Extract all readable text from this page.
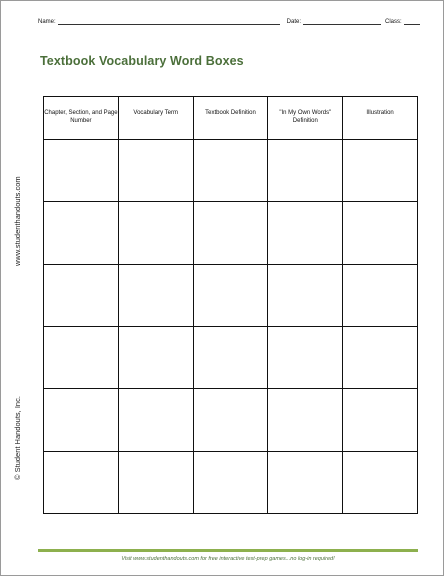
Name:	Date:	Class:
Textbook Vocabulary Word Boxes
www.studenthandouts.com
© Student Handouts, Inc.
Chapter, Section, and Page Number	Vocabulary Term	Textbook Definition	"In My Own Words" Definition	Illustration

Visit www.studenthandouts.com for free interactive test-prep games...no log-in required!
